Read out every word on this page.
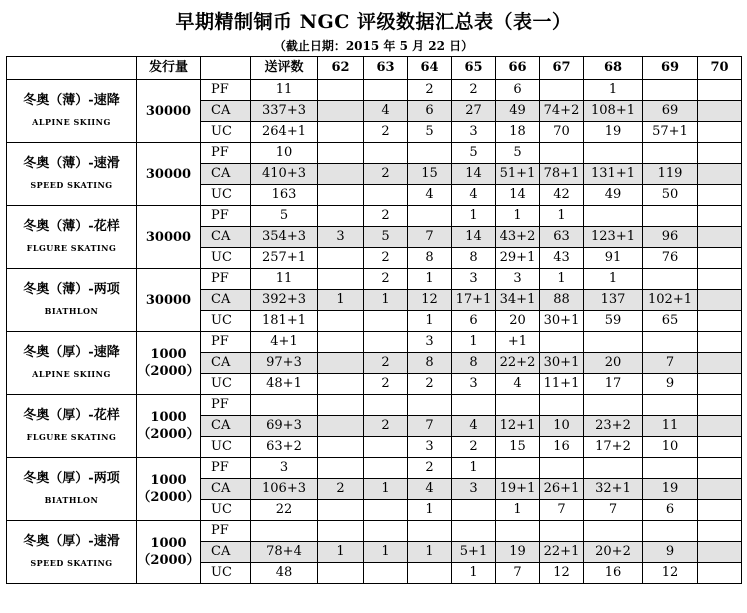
早期精制铜币 NGC 评级数据汇总表（表一）
（截止日期：2015 年 5 月 22 日）
	发行量		送评数	62	63	64	65	66	67	68	69	70

冬奥（薄）-速降
ALPINE SKIING	30000	PF	11			2	2	6		1		
		CA	337+3		4	6	27	49	74+2	108+1	69	
		UC	264+1		2	5	3	18	70	19	57+1	

冬奥（薄）-速滑
SPEED SKATING	30000	PF	10				5	5				
		CA	410+3		2	15	14	51+1	78+1	131+1	119	
		UC	163			4	4	14	42	49	50	

冬奥（薄）-花样
FLGURE SKATING	30000	PF	5		2		1	1	1			
		CA	354+3	3	5	7	14	43+2	63	123+1	96	
		UC	257+1		2	8	8	29+1	43	91	76	

冬奥（薄）-两项
BIATHLON	30000	PF	11		2	1	3	3	1	1		
		CA	392+3	1	1	12	17+1	34+1	88	137	102+1	
		UC	181+1			1	6	20	30+1	59	65	

冬奥（厚）-速降
ALPINE SKIING	1000
（2000）	PF	4+1			3	1	+1				
		CA	97+3		2	8	8	22+2	30+1	20	7	
		UC	48+1		2	2	3	4	11+1	17	9	

冬奥（厚）-花样
FLGURE SKATING	1000
（2000）	PF										
		CA	69+3		2	7	4	12+1	10	23+2	11	
		UC	63+2			3	2	15	16	17+2	10	

冬奥（厚）-两项
BIATHLON	1000
（2000）	PF	3			2	1					
		CA	106+3	2	1	4	3	19+1	26+1	32+1	19	
		UC	22			1		1	7	7	6	

冬奥（厚）-速滑
SPEED SKATING	1000
（2000）	PF										
		CA	78+4	1	1	1	5+1	19	22+1	20+2	9	
		UC	48				1	7	12	16	12	
